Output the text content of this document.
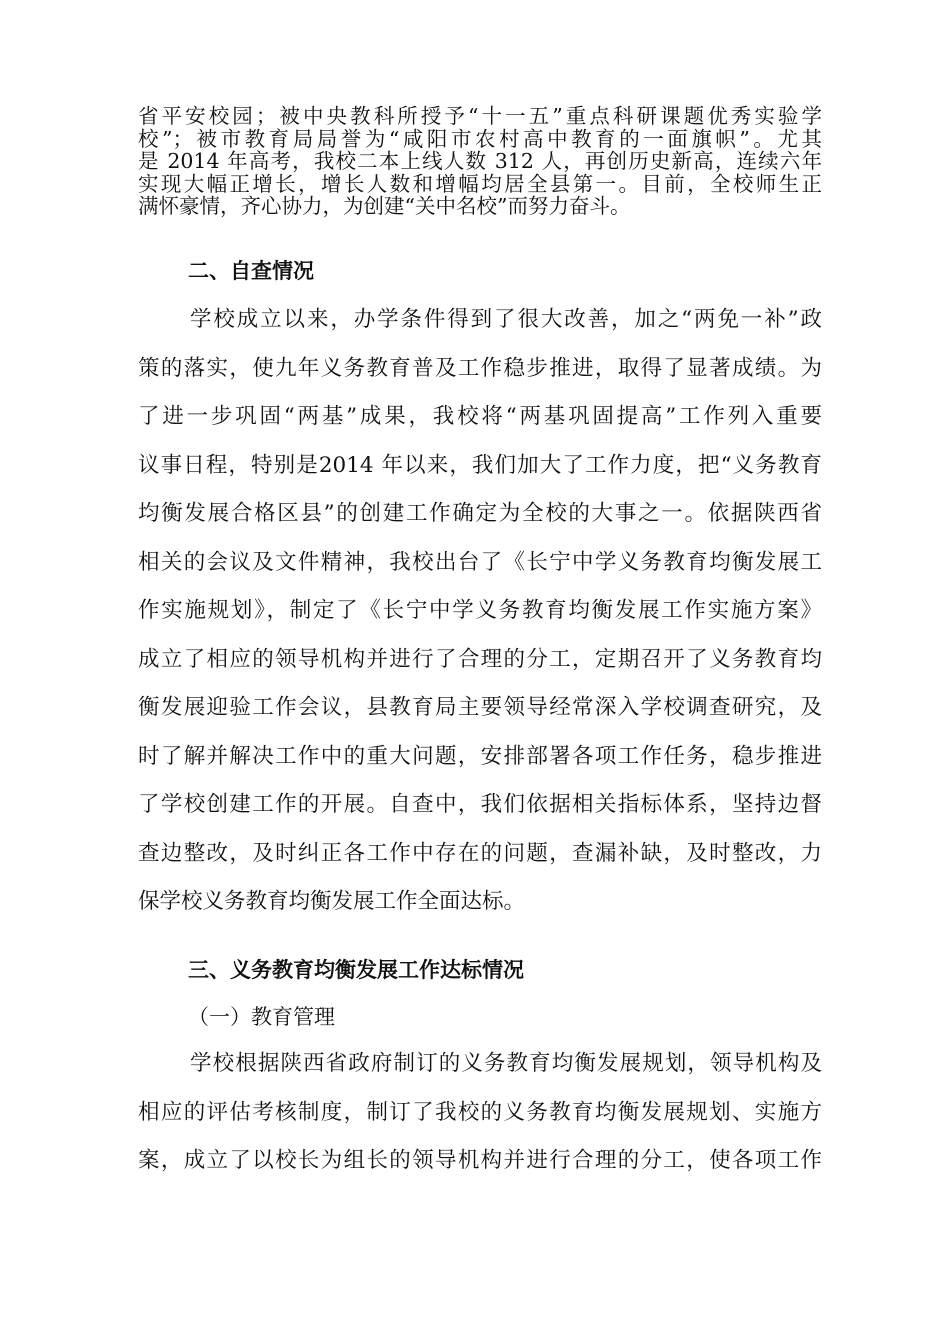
省平安校园；被中央教科所授予“十一五”重点科研课题优秀实验学
校”；被市教育局局誉为“咸阳市农村高中教育的一面旗帜”。尤其
是 2014 年高考，我校二本上线人数 312 人，再创历史新高，连续六年
实现大幅正增长，增长人数和增幅均居全县第一。目前，全校师生正
满怀豪情，齐心协力，为创建“关中名校”而努力奋斗。
二、自查情况
学校成立以来，办学条件得到了很大改善，加之“两免一补”政
策的落实，使九年义务教育普及工作稳步推进，取得了显著成绩。为
了进一步巩固“两基”成果，我校将“两基巩固提高”工作列入重要
议事日程，特别是2014 年以来，我们加大了工作力度，把“义务教育
均衡发展合格区县”的创建工作确定为全校的大事之一。依据陕西省
相关的会议及文件精神，我校出台了《长宁中学义务教育均衡发展工
作实施规划》，制定了《长宁中学义务教育均衡发展工作实施方案》
成立了相应的领导机构并进行了合理的分工，定期召开了义务教育均
衡发展迎验工作会议，县教育局主要领导经常深入学校调查研究，及
时了解并解决工作中的重大问题，安排部署各项工作任务，稳步推进
了学校创建工作的开展。自查中，我们依据相关指标体系，坚持边督
查边整改，及时纠正各工作中存在的问题，查漏补缺，及时整改，力
保学校义务教育均衡发展工作全面达标。
三、义务教育均衡发展工作达标情况
（一）教育管理
学校根据陕西省政府制订的义务教育均衡发展规划，领导机构及
相应的评估考核制度，制订了我校的义务教育均衡发展规划、实施方
案，成立了以校长为组长的领导机构并进行合理的分工，使各项工作
